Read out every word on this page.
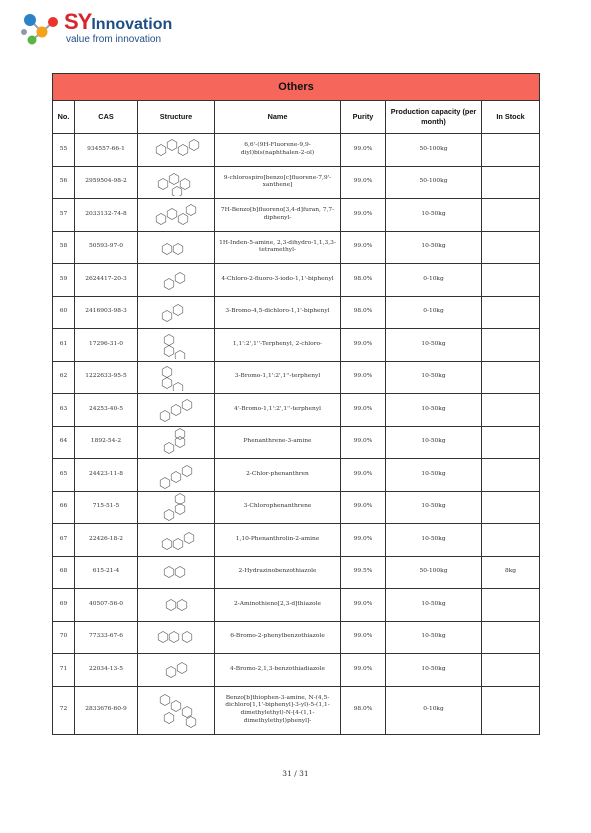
SYInnovation
value from innovation
Others						
No.	CAS	Structure	Name	Purity	Production capacity (per month)	In Stock
55	934557-66-1		6,6'-(9H-Fluorene-9,9-diyl)bis(naphthalen-2-ol)	99.0%	50-100kg	
56	2959504-98-2		9-chlorospiro[benzo[c]fluorene-7,9'-xanthene]	99.0%	50-100kg	
57	2033132-74-8		7H-Benzo[b]fluoreno[3,4-d]furan, 7,7-diphenyl-	99.0%	10-50kg	
58	50593-97-0		1H-Inden-5-amine, 2,3-dihydro-1,1,3,3-tetramethyl-	99.0%	10-50kg	
59	2624417-20-3		4-Chloro-2-fluoro-3-iodo-1,1'-biphenyl	98.0%	0-10kg	
60	2416903-98-3		3-Bromo-4,5-dichloro-1,1'-biphenyl	98.0%	0-10kg	
61	17296-31-0		1,1':2',1''-Terphenyl, 2-chloro-	99.0%	10-50kg	
62	1222633-95-5		3-Bromo-1,1':2',1''-terphenyl	99.0%	10-50kg	
63	24253-40-5		4'-Bromo-1,1':2',1''-terphenyl	99.0%	10-50kg	
64	1892-54-2		Phenanthrene-3-amine	99.0%	10-50kg	
65	24423-11-8		2-Chlor-phenanthren	99.0%	10-50kg	
66	715-51-5		3-Chlorophenanthrene	99.0%	10-50kg	
67	22426-18-2		1,10-Phenanthrolin-2-amine	99.0%	10-50kg	
68	615-21-4		2-Hydrazinobenzothiazole	99.5%	50-100kg	8kg
69	40507-56-0		2-Aminothieno[2,3-d]thiazole	99.0%	10-50kg	
70	77333-67-6		6-Bromo-2-phenylbenzothiazole	99.0%	10-50kg	
71	22034-13-5		4-Bromo-2,1,3-benzothiadiazole	99.0%	10-50kg	
72	2833676-60-9		Benzo[b]thiophen-3-amine, N-(4,5-dichloro[1,1'-biphenyl]-3-yl)-5-(1,1-dimethylethyl)-N-[4-(1,1-dimethylethyl)phenyl]-	98.0%	0-10kg	
31 / 31
